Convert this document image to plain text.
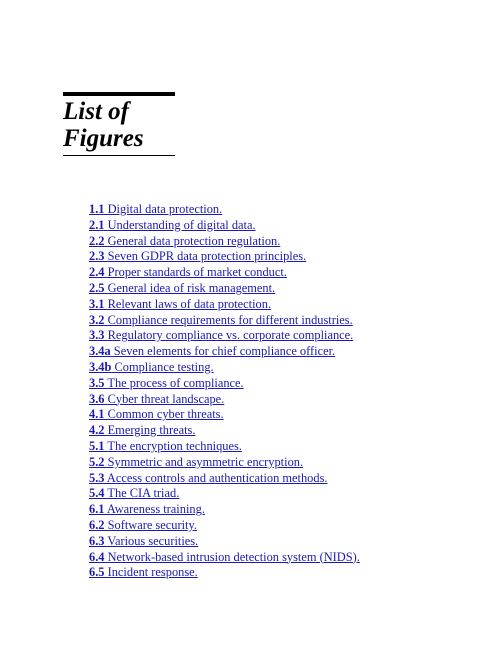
List of
Figures
1.1 Digital data protection.
2.1 Understanding of digital data.
2.2 General data protection regulation.
2.3 Seven GDPR data protection principles.
2.4 Proper standards of market conduct.
2.5 General idea of risk management.
3.1 Relevant laws of data protection.
3.2 Compliance requirements for different industries.
3.3 Regulatory compliance vs. corporate compliance.
3.4a Seven elements for chief compliance officer.
3.4b Compliance testing.
3.5 The process of compliance.
3.6 Cyber threat landscape.
4.1 Common cyber threats.
4.2 Emerging threats.
5.1 The encryption techniques.
5.2 Symmetric and asymmetric encryption.
5.3 Access controls and authentication methods.
5.4 The CIA triad.
6.1 Awareness training.
6.2 Software security.
6.3 Various securities.
6.4 Network-based intrusion detection system (NIDS).
6.5 Incident response.
